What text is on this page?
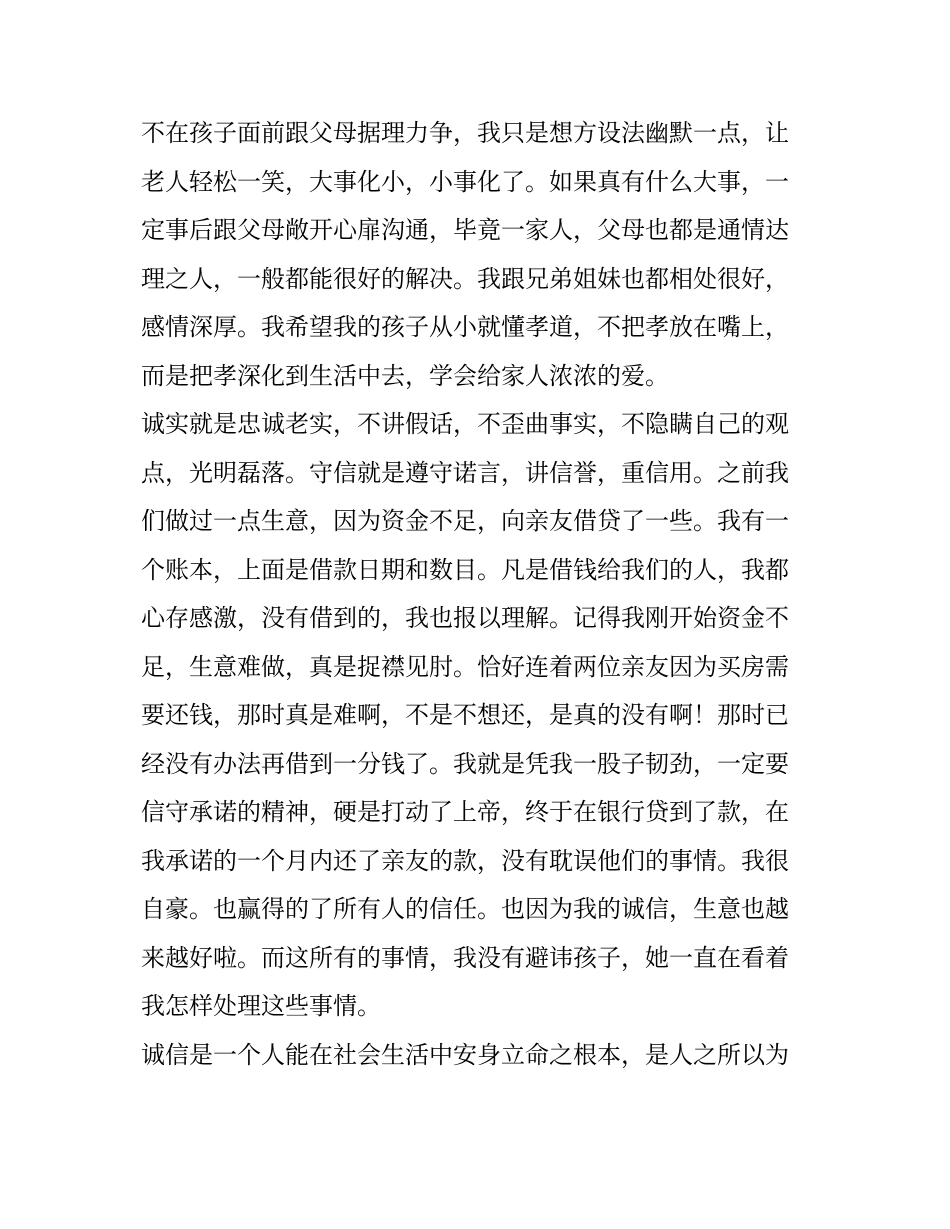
不在孩子面前跟父母据理力争，我只是想方设法幽默一点，让
老人轻松一笑，大事化小，小事化了。如果真有什么大事，一
定事后跟父母敞开心扉沟通，毕竟一家人，父母也都是通情达
理之人，一般都能很好的解决。我跟兄弟姐妹也都相处很好，
感情深厚。我希望我的孩子从小就懂孝道，不把孝放在嘴上，
而是把孝深化到生活中去，学会给家人浓浓的爱。
诚实就是忠诚老实，不讲假话，不歪曲事实，不隐瞒自己的观
点，光明磊落。守信就是遵守诺言，讲信誉，重信用。之前我
们做过一点生意，因为资金不足，向亲友借贷了一些。我有一
个账本，上面是借款日期和数目。凡是借钱给我们的人，我都
心存感激，没有借到的，我也报以理解。记得我刚开始资金不
足，生意难做，真是捉襟见肘。恰好连着两位亲友因为买房需
要还钱，那时真是难啊，不是不想还，是真的没有啊！那时已
经没有办法再借到一分钱了。我就是凭我一股子韧劲，一定要
信守承诺的精神，硬是打动了上帝，终于在银行贷到了款，在
我承诺的一个月内还了亲友的款，没有耽误他们的事情。我很
自豪。也赢得的了所有人的信任。也因为我的诚信，生意也越
来越好啦。而这所有的事情，我没有避讳孩子，她一直在看着
我怎样处理这些事情。
诚信是一个人能在社会生活中安身立命之根本，是人之所以为
